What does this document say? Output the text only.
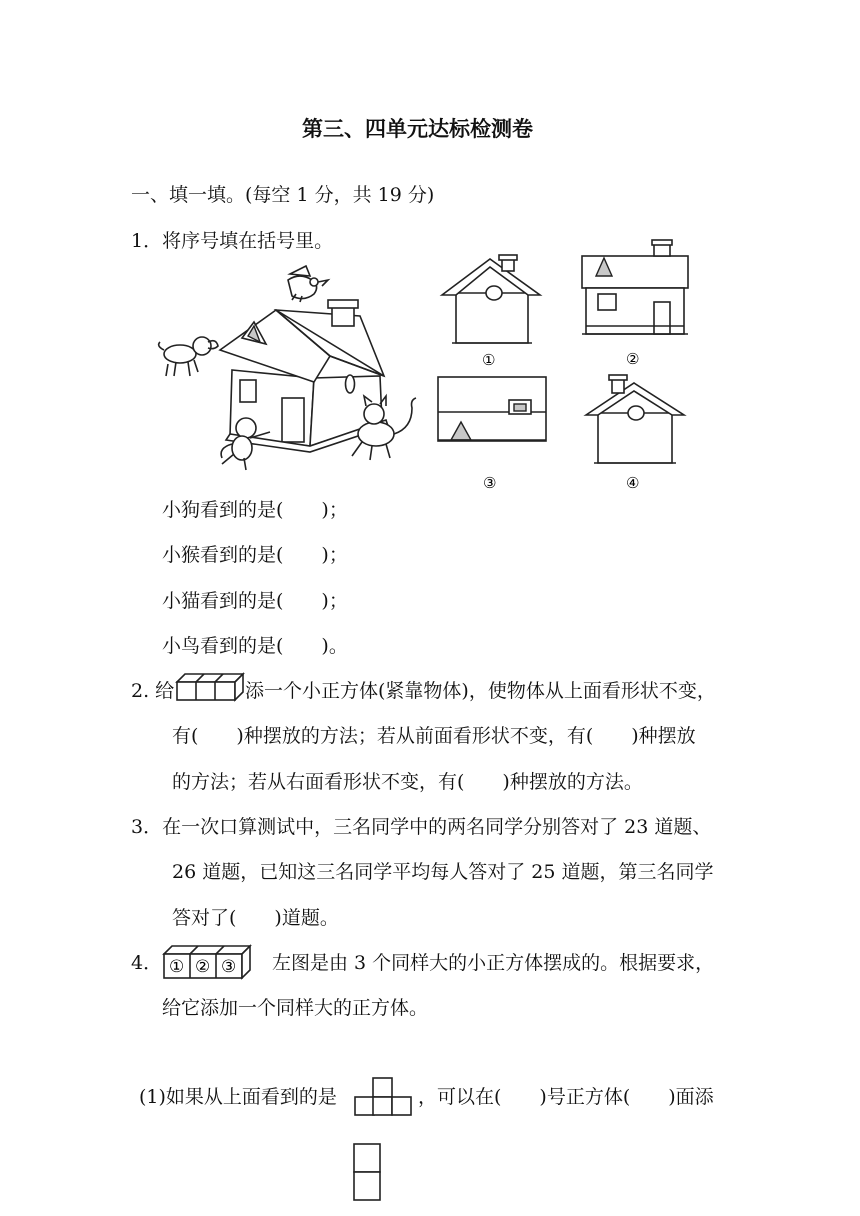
第三、四单元达标检测卷
一、填一填。(每空 1 分，共 19 分)
1．将序号填在括号里。
①	②
③	④
小狗看到的是(　　)；
小猴看到的是(　　)；
小猫看到的是(　　)；
小鸟看到的是(　　)。
2. 给	添一个小正方体(紧靠物体)，使物体从上面看形状不变，
有(　　)种摆放的方法；若从前面看形状不变，有(　　)种摆放
的方法；若从右面看形状不变，有(　　)种摆放的方法。
3．在一次口算测试中，三名同学中的两名同学分别答对了 23 道题、
26 道题，已知这三名同学平均每人答对了 25 道题，第三名同学
答对了(　　)道题。
4． ① ② ③ 左图是由 3 个同样大的小正方体摆成的。根据要求，
给它添加一个同样大的正方体。
(1)如果从上面看到的是	，可以在(　　)号正方体(　　)面添
